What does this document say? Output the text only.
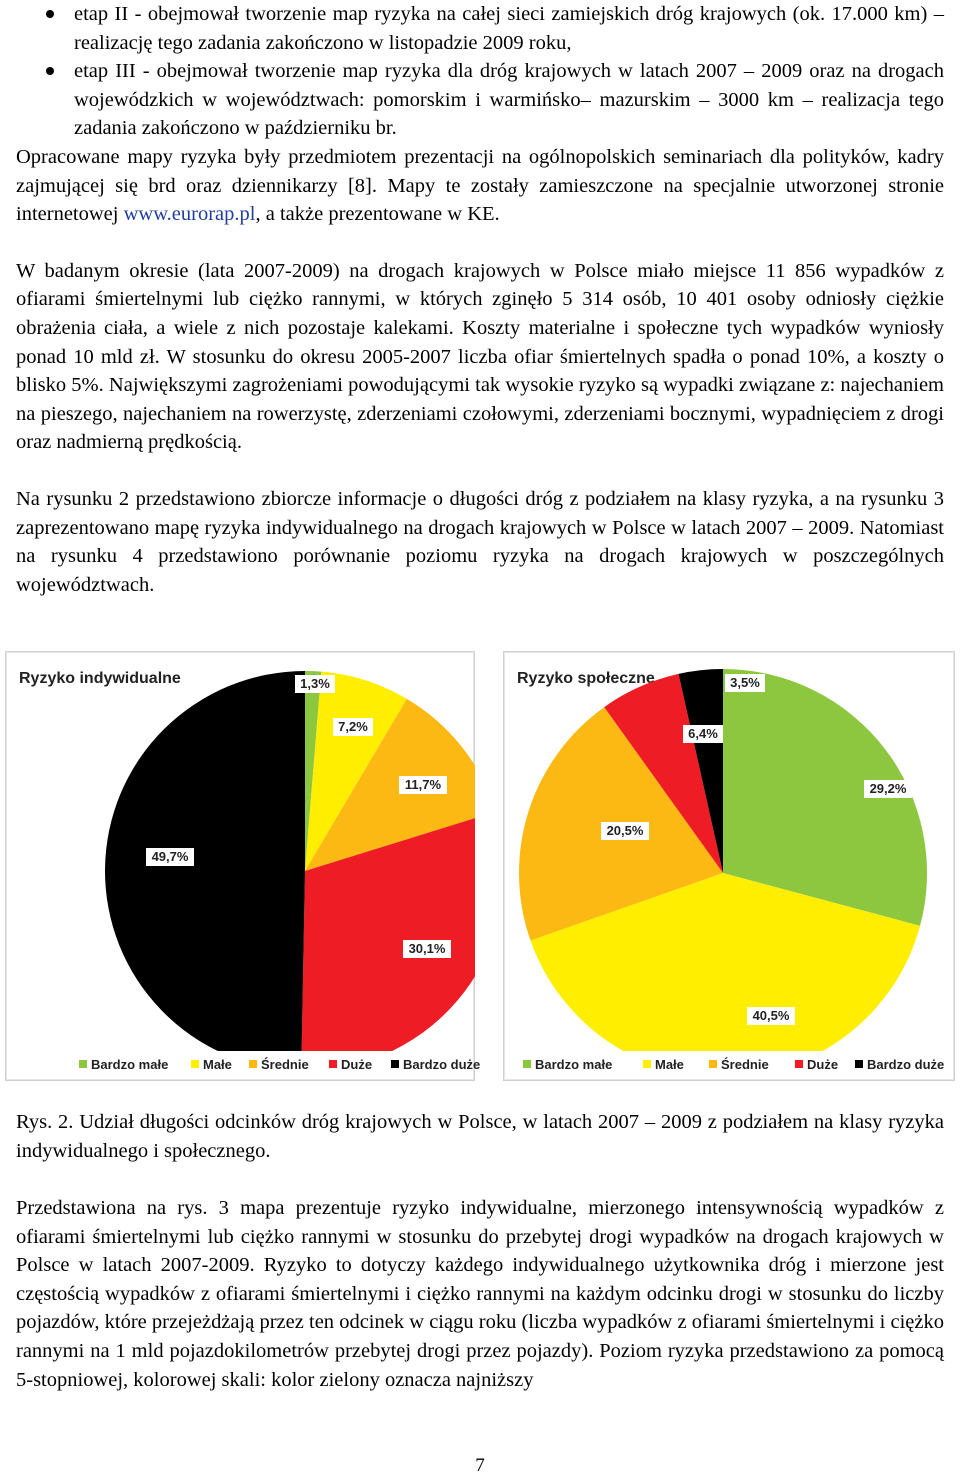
etap II - obejmował tworzenie map ryzyka na całej sieci zamiejskich dróg krajowych (ok. 17.000 km) – realizację tego zadania zakończono w listopadzie 2009 roku,
etap III - obejmował tworzenie map ryzyka dla dróg krajowych w latach 2007 – 2009 oraz na drogach wojewódzkich w województwach: pomorskim i warmińsko– mazurskim – 3000 km – realizacja tego zadania zakończono w październiku br.

Opracowane mapy ryzyka były przedmiotem prezentacji na ogólnopolskich seminariach dla polityków, kadry zajmującej się brd oraz dziennikarzy [8]. Mapy te zostały zamieszczone na specjalnie utworzonej stronie internetowej www.eurorap.pl, a także prezentowane w KE.

W badanym okresie (lata 2007-2009) na drogach krajowych w Polsce miało miejsce 11 856 wypadków z ofiarami śmiertelnymi lub ciężko rannymi, w których zginęło 5 314 osób, 10 401 osoby odniosły ciężkie obrażenia ciała, a wiele z nich pozostaje kalekami. Koszty materialne i społeczne tych wypadków wyniosły ponad 10 mld zł. W stosunku do okresu 2005-2007 liczba ofiar śmiertelnych spadła o ponad 10%, a koszty o blisko 5%. Największymi zagrożeniami powodującymi tak wysokie ryzyko są wypadki związane z: najechaniem na pieszego, najechaniem na rowerzystę, zderzeniami czołowymi, zderzeniami bocznymi, wypadnięciem z drogi oraz nadmierną prędkością.

Na rysunku 2 przedstawiono zbiorcze informacje o długości dróg z podziałem na klasy ryzyka, a na rysunku 3 zaprezentowano mapę ryzyka indywidualnego na drogach krajowych w Polsce w latach 2007 – 2009. Natomiast na rysunku 4 przedstawiono porównanie poziomu ryzyka na drogach krajowych w poszczególnych województwach.

Ryzyko indywidualne	1,3%
7,2%
11,7%
30,1%
49,7%
Bardzo małe	Małe	Średnie	Duże	Bardzo duże
Ryzyko społeczne
29,2%
40,5%
20,5%
6,4%
3,5%
Bardzo małe	Małe	Średnie	Duże	Bardzo duże

Rys. 2. Udział długości odcinków dróg krajowych w Polsce, w latach 2007 – 2009 z podziałem na klasy ryzyka indywidualnego i społecznego.

Przedstawiona na rys. 3 mapa prezentuje ryzyko indywidualne, mierzonego intensywnością wypadków z ofiarami śmiertelnymi lub ciężko rannymi w stosunku do przebytej drogi wypadków na drogach krajowych w Polsce w latach 2007-2009. Ryzyko to dotyczy każdego indywidualnego użytkownika dróg i mierzone jest częstością wypadków z ofiarami śmiertelnymi i ciężko rannymi na każdym odcinku drogi w stosunku do liczby pojazdów, które przejeżdżają przez ten odcinek w ciągu roku (liczba wypadków z ofiarami śmiertelnymi i ciężko rannymi na 1 mld pojazdokilometrów przebytej drogi przez pojazdy). Poziom ryzyka przedstawiono za pomocą 5-stopniowej, kolorowej skali: kolor zielony oznacza najniższy

7
